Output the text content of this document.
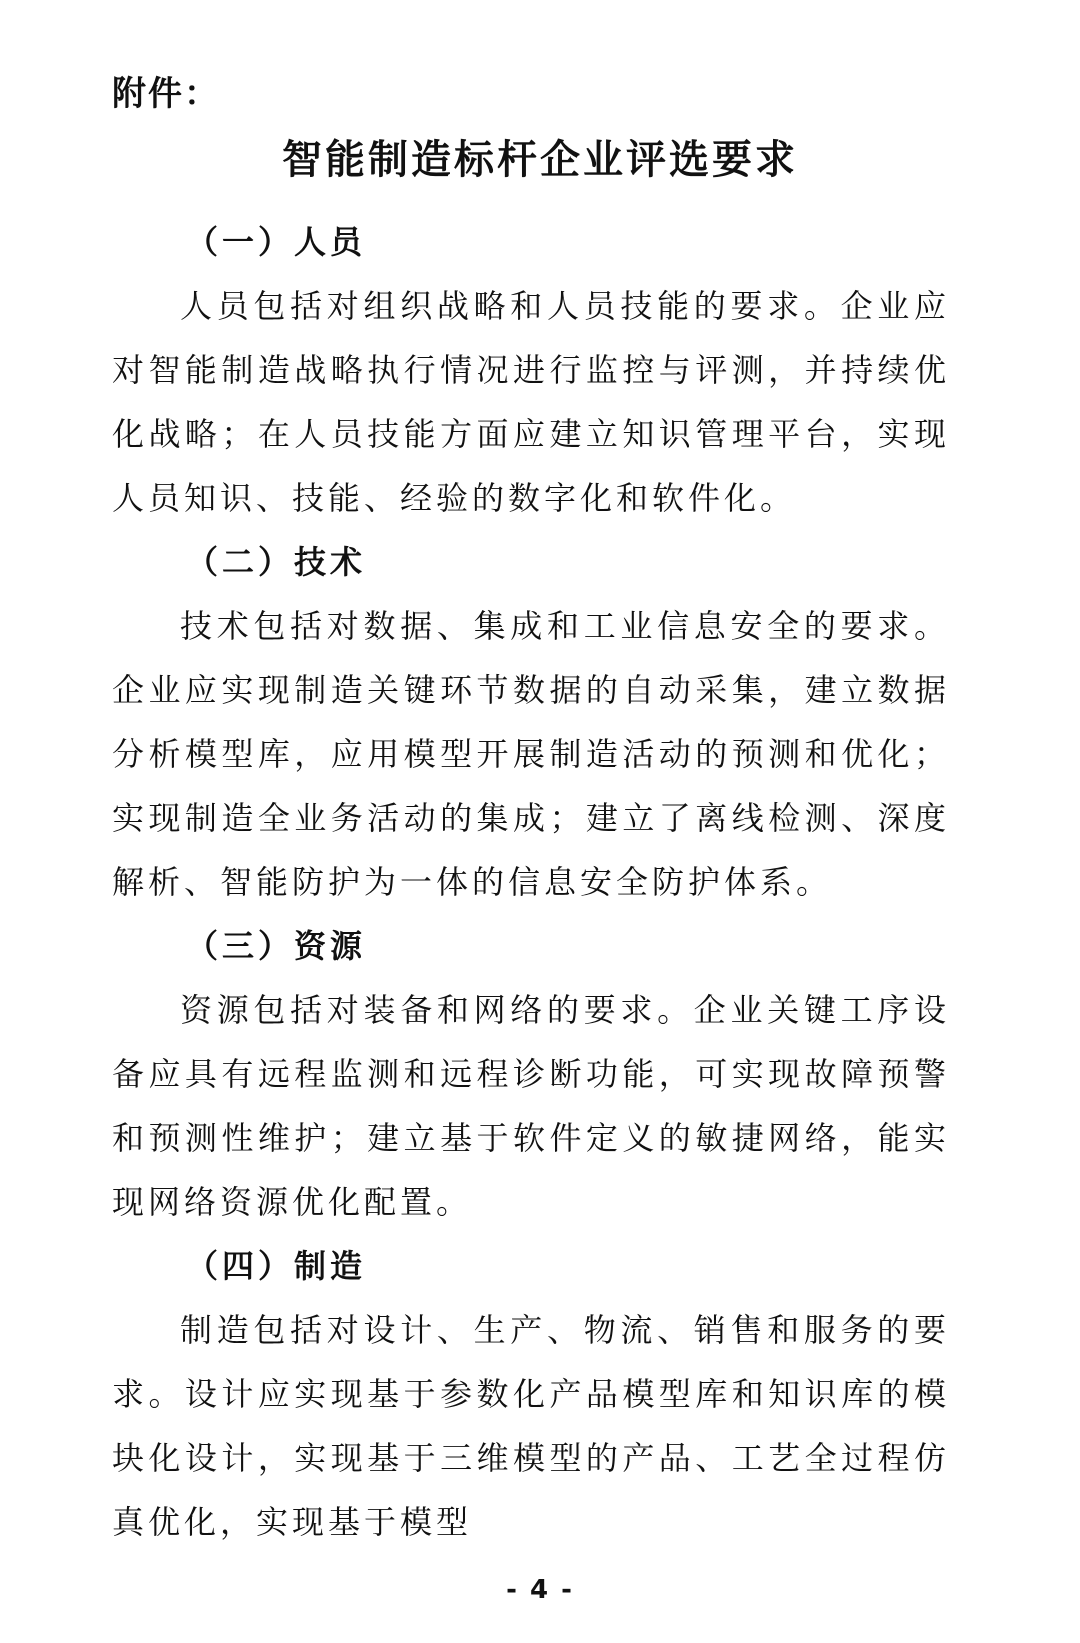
附件：
智能制造标杆企业评选要求
（一）人员

人员包括对组织战略和人员技能的要求。企业应对智能制造战略执行情况进行监控与评测，并持续优化战略；在人员技能方面应建立知识管理平台，实现人员知识、技能、经验的数字化和软件化。

（二）技术

技术包括对数据、集成和工业信息安全的要求。企业应实现制造关键环节数据的自动采集，建立数据分析模型库，应用模型开展制造活动的预测和优化；实现制造全业务活动的集成；建立了离线检测、深度解析、智能防护为一体的信息安全防护体系。

（三）资源

资源包括对装备和网络的要求。企业关键工序设备应具有远程监测和远程诊断功能，可实现故障预警和预测性维护；建立基于软件定义的敏捷网络，能实现网络资源优化配置。

（四）制造

制造包括对设计、生产、物流、销售和服务的要求。设计应实现基于参数化产品模型库和知识库的模块化设计，实现基于三维模型的产品、工艺全过程仿真优化，实现基于模型

- 4 -
